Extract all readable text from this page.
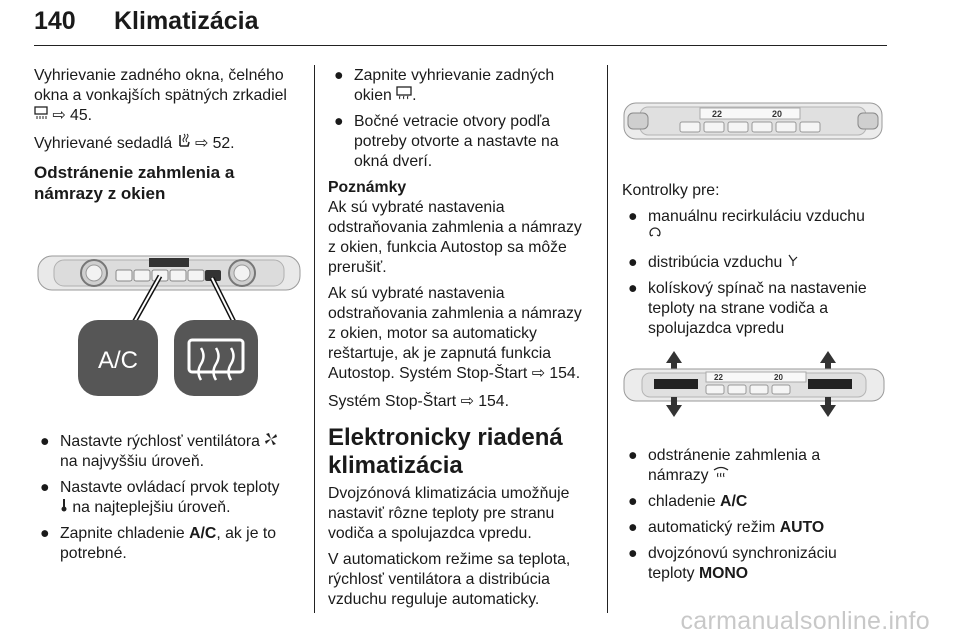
140 Klimatizácia

Vyhrievanie zadného okna, čelného

okna a vonkajších spätných zrkadiel

⇨ 45.

Vyhrievané sedadlá ⇨ 52.

Odstránenie zahmlenia a

námrazy z okien

A/C

● Nastavte rýchlosť ventilátora

na najvyššiu úroveň.

● Nastavte ovládací prvok teploty

na najteplejšiu úroveň.

● Zapnite chladenie A/C, ak je to

potrebné.

● Zapnite vyhrievanie zadných

okien .

● Bočné vetracie otvory podľa

potreby otvorte a nastavte na

okná dverí.

Poznámky

Ak sú vybraté nastavenia

odstraňovania zahmlenia a námrazy

z okien, funkcia Autostop sa môže

prerušiť.

Ak sú vybraté nastavenia

odstraňovania zahmlenia a námrazy

z okien, motor sa automaticky

reštartuje, ak je zapnutá funkcia

Autostop. Systém Stop-Štart ⇨ 154.

Systém Stop-Štart ⇨ 154.

Elektronicky riadená

klimatizácia

Dvojzónová klimatizácia umožňuje

nastaviť rôzne teploty pre stranu

vodiča a spolujazdca vpredu.

V automatickom režime sa teplota,

rýchlosť ventilátora a distribúcia

vzduchu reguluje automaticky.

22	20

Kontrolky pre:

● manuálnu recirkuláciu vzduchu

● distribúcia vzduchu

● kolískový spínač na nastavenie

teploty na strane vodiča a

spolujazdca vpredu

22	20

● odstránenie zahmlenia a

námrazy

● chladenie A/C

● automatický režim AUTO

● dvojzónovú synchronizáciu

teploty MONO

carmanualsonline.info
